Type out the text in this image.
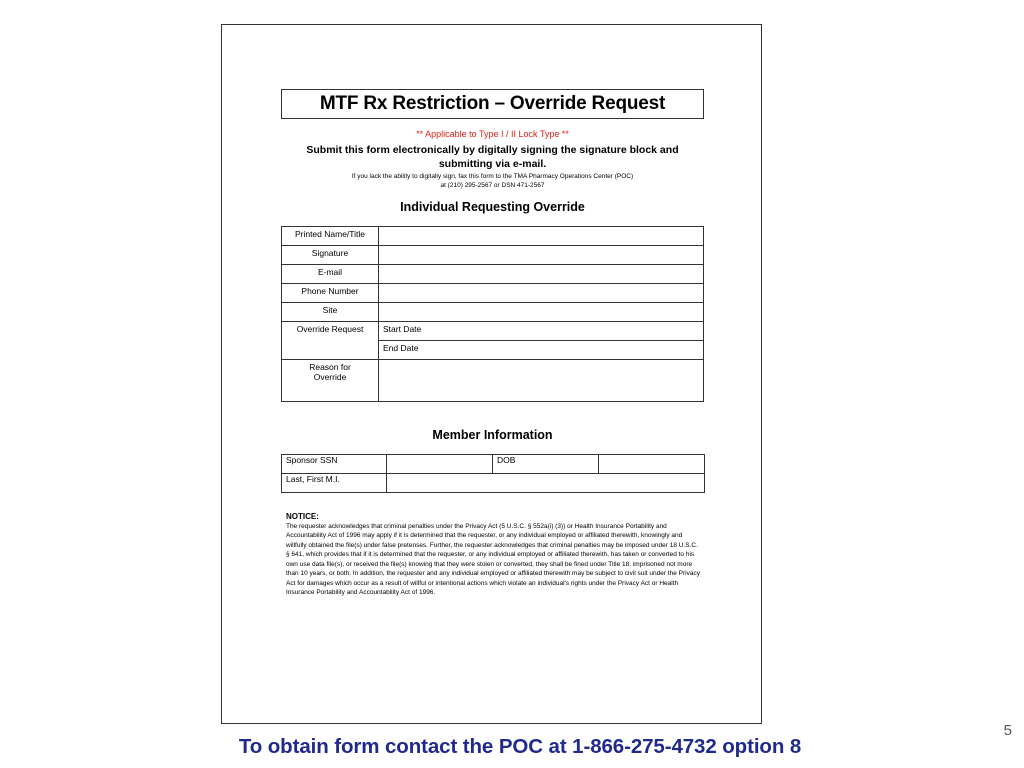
MTF Rx Restriction – Override Request
** Applicable to Type I / II Lock Type **
Submit this form electronically by digitally signing the signature block and
submitting via e-mail.
If you lack the ability to digitally sign, fax this form to the TMA Pharmacy Operations Center (POC)
at (210) 295-2567 or DSN 471-2567
Individual Requesting Override
Printed Name/Title	
Signature	
E-mail	
Phone Number	
Site	
Override Request	Start Date
	End Date

Reason for
Override	

Member Information
Sponsor SSN		DOB	
Last, First M.I.			
NOTICE:
The requester acknowledges that criminal penalties under the Privacy Act (5 U.S.C. § 552a(i) (3)) or Health Insurance Portability and Accountability Act of 1996 may apply if it is determined that the requester, or any individual employed or affiliated therewith, knowingly and willfully obtained the file(s) under false pretenses. Further, the requester acknowledges that criminal penalties may be imposed under 18 U.S.C. § 641, which provides that if it is determined that the requester, or any individual employed or affiliated therewith, has taken or converted to his own use data file(s), or received the file(s) knowing that they were stolen or converted, they shall be fined under Title 18, imprisoned not more than 10 years, or both. In addition, the requester and any individual employed or affiliated therewith may be subject to civil suit under the Privacy Act for damages which occur as a result of willful or intentional actions which violate an individual's rights under the Privacy Act or Health Insurance Portability and Accountability Act of 1996.
To obtain form contact the POC at 1-866-275-4732 option 8
5
